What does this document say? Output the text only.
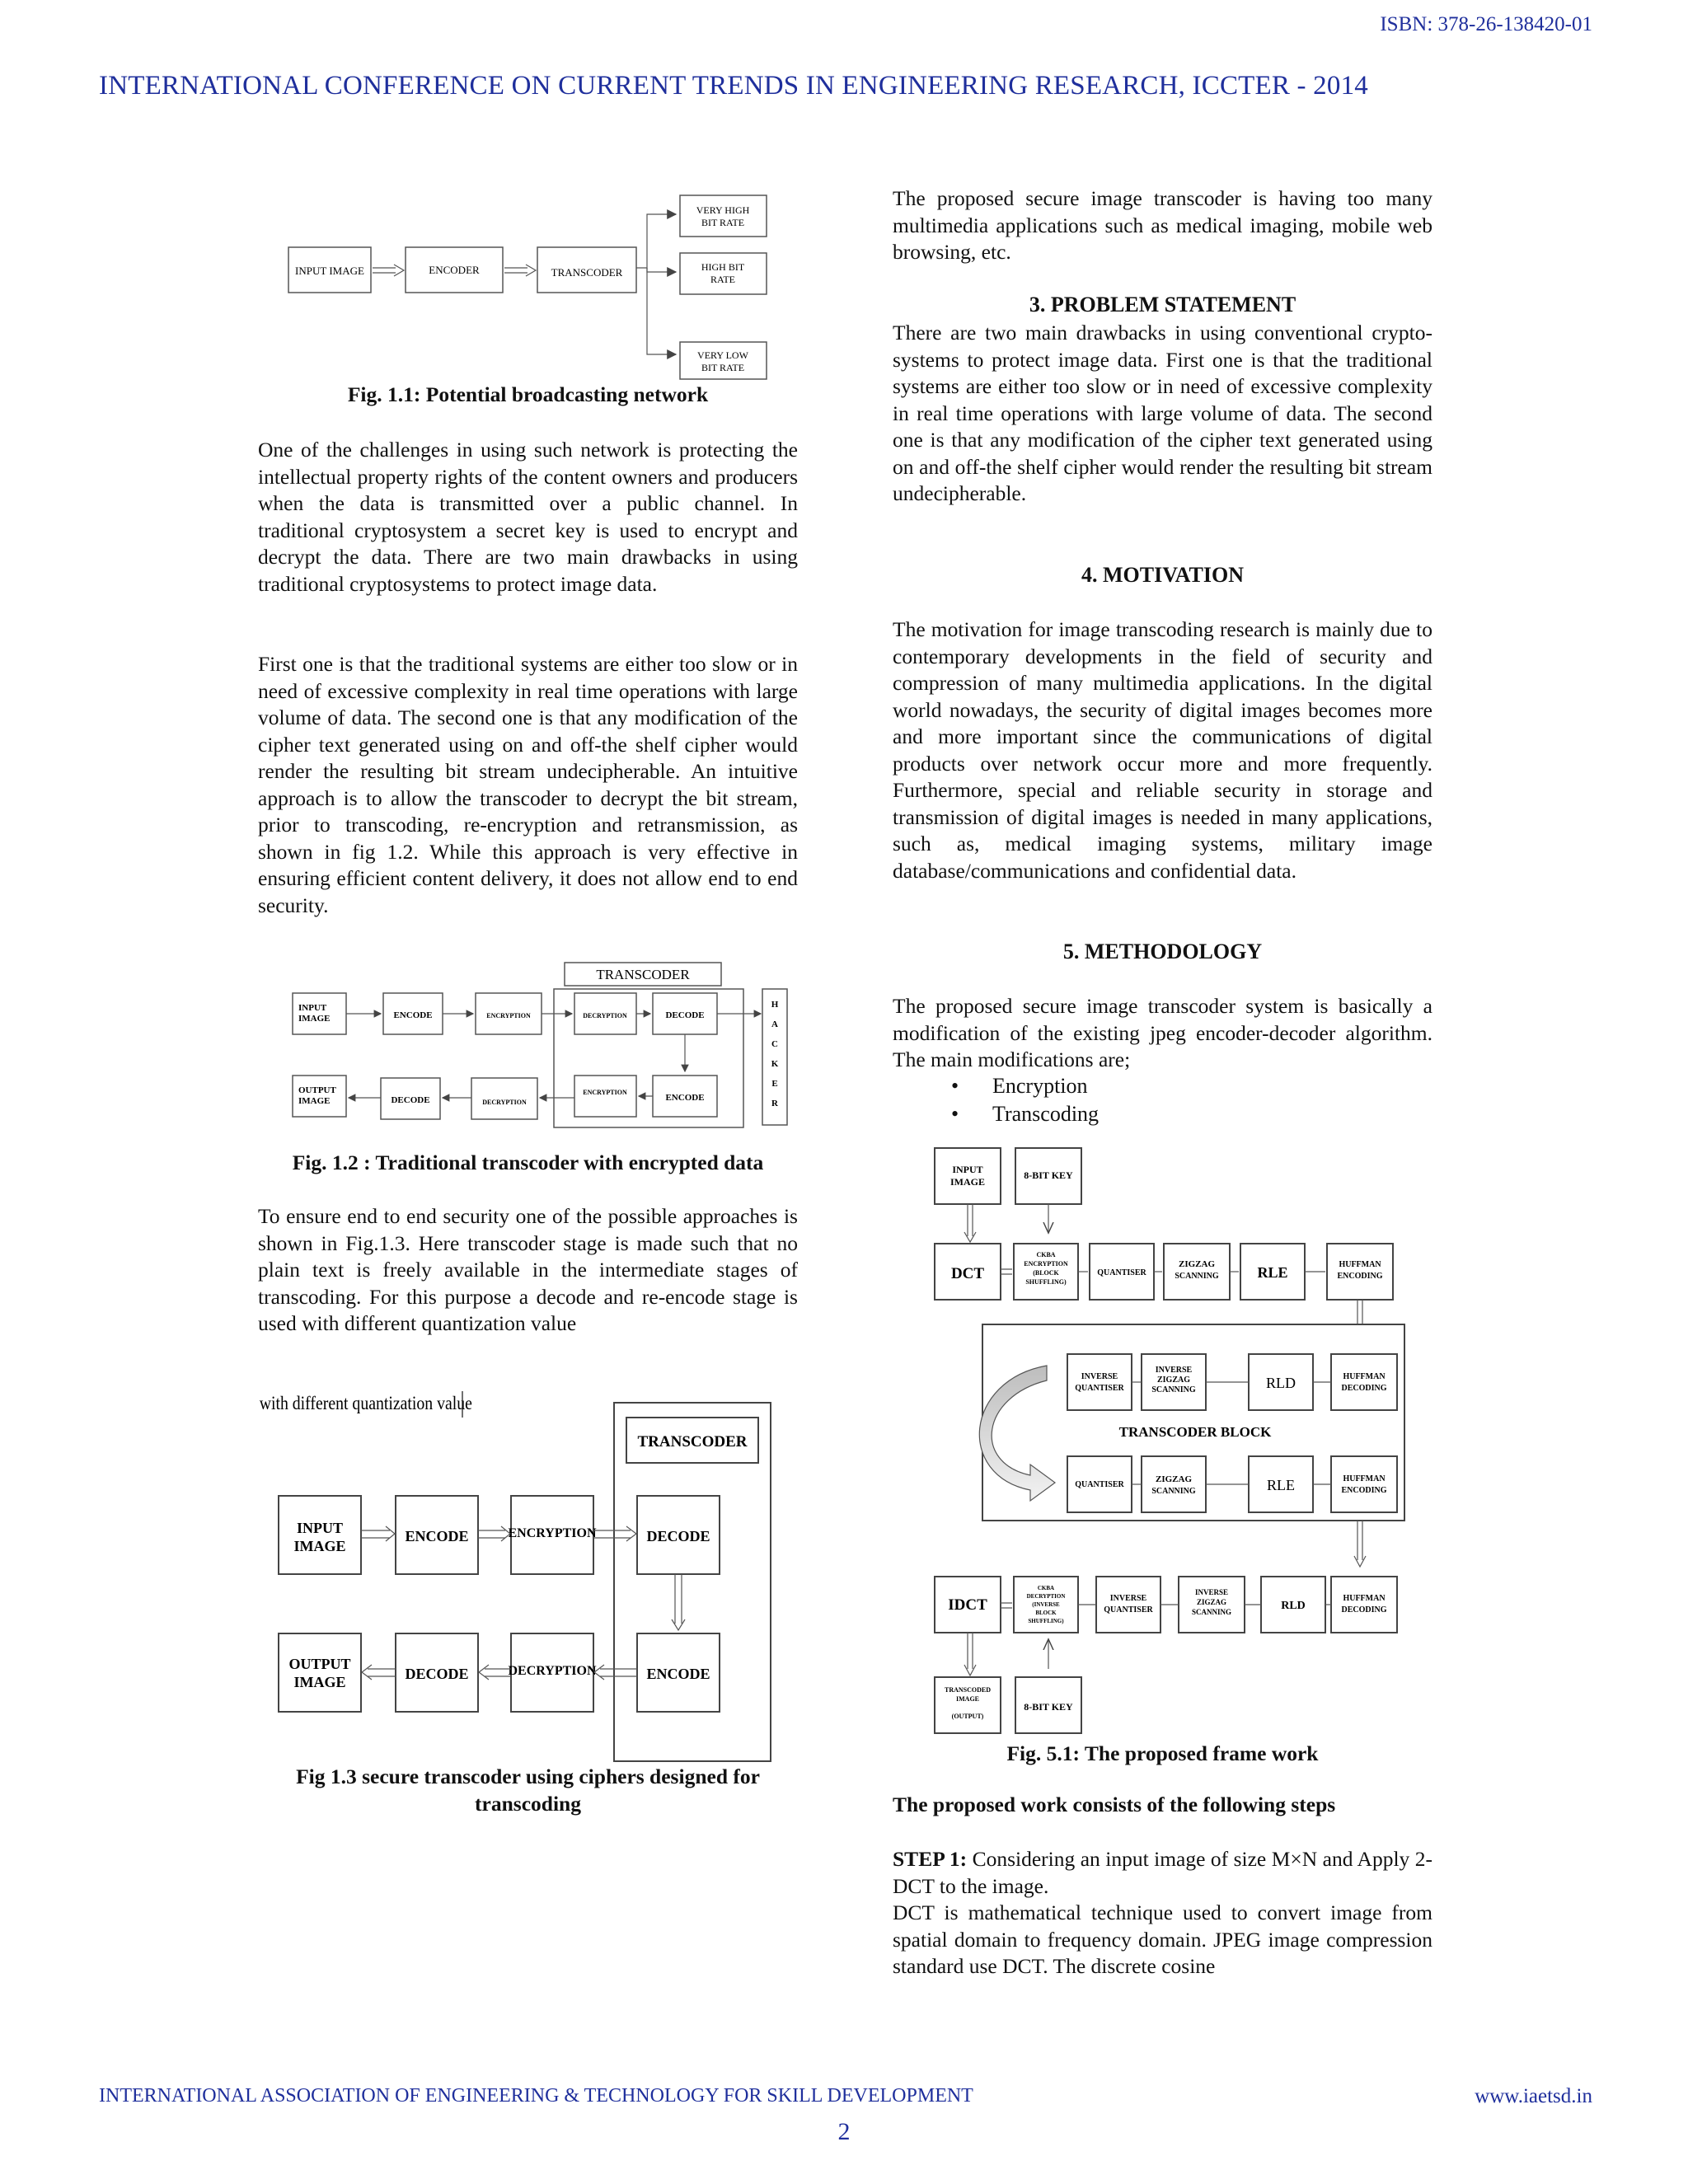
ISBN: 378-26-138420-01
INTERNATIONAL CONFERENCE ON CURRENT TRENDS IN ENGINEERING RESEARCH, ICCTER - 2014
INPUT IMAGE	ENCODER	TRANSCODER
VERY HIGH
BIT RATE
HIGH BIT
RATE
VERY LOW
BIT RATE
Fig. 1.1: Potential broadcasting network

One of the challenges in using such network is protecting the intellectual property rights of the content owners and producers when the data is transmitted over a public channel. In traditional cryptosystem a secret key is used to encrypt and decrypt the data. There are two main drawbacks in using traditional cryptosystems to protect image data.

First one is that the traditional systems are either too slow or in need of excessive complexity in real time operations with large volume of data. The second one is that any modification of the cipher text generated using on and off-the shelf cipher would render the resulting bit stream undecipherable. An intuitive approach is to allow the transcoder to decrypt the bit stream, prior to transcoding, re-encryption and retransmission, as shown in fig 1.2. While this approach is very effective in ensuring efficient content delivery, it does not allow end to end security.

TRANSCODER
INPUT
IMAGE	ENCODE	ENCRYPTION	DECRYPTION	DECODE
H
A
C
K
E
R
OUTPUT
IMAGE	DECODE	DECRYPTION
ENCRYPTION
ENCODE
Fig. 1.2 : Traditional transcoder with encrypted data

To ensure end to end security one of the possible approaches is shown in Fig.1.3. Here transcoder stage is made such that no plain text is freely available in the intermediate stages of transcoding. For this purpose a decode and re-encode stage is used with different quantization value

with different quantization value
TRANSCODER
INPUT
IMAGE
ENCODE	ENCRYPTION	DECODE
OUTPUT
IMAGE	DECODE	DECRYPTION	ENCODE
Fig 1.3 secure transcoder using ciphers designed for
transcoding

The proposed secure image transcoder is having too many multimedia applications such as medical imaging, mobile web browsing, etc.

3. PROBLEM STATEMENT

There are two main drawbacks in using conventional crypto-systems to protect image data. First one is that the traditional systems are either too slow or in need of excessive complexity in real time operations with large volume of data. The second one is that any modification of the cipher text generated using on and off-the shelf cipher would render the resulting bit stream undecipherable.

4. MOTIVATION

The motivation for image transcoding research is mainly due to contemporary developments in the field of security and compression of many multimedia applications. In the digital world nowadays, the security of digital images becomes more and more important since the communications of digital products over network occur more and more frequently. Furthermore, special and reliable security in storage and transmission of digital images is needed in many applications, such as, medical imaging systems, military image database/communications and confidential data.

5. METHODOLOGY

The proposed secure image transcoder system is basically a modification of the existing jpeg encoder-decoder algorithm. The main modifications are;

• Encryption
• Transcoding
INPUT
IMAGE
8-BIT KEY
DCT
CKBA
ENCRYPTION
(BLOCK
SHUFFLING)
QUANTISER
ZIGZAG
SCANNING	RLE	HUFFMAN
ENCODING
INVERSE
QUANTISER
INVERSE
ZIGZAG
SCANNING	RLD	HUFFMAN
DECODING
TRANSCODER BLOCK
QUANTISER
ZIGZAG
SCANNING	RLE	HUFFMAN
ENCODING
IDCT
CKBA
DECRYPTION
(INVERSE
BLOCK
SHUFFLING)
INVERSE
QUANTISER
INVERSE
ZIGZAG
SCANNING	RLD
HUFFMAN
DECODING
TRANSCODED
IMAGE
(OUTPUT)
8-BIT KEY
Fig. 5.1: The proposed frame work
The proposed work consists of the following steps

STEP 1: Considering an input image of size M×N and Apply 2-DCT to the image.

DCT is mathematical technique used to convert image from spatial domain to frequency domain. JPEG image compression standard use DCT. The discrete cosine

INTERNATIONAL ASSOCIATION OF ENGINEERING & TECHNOLOGY FOR SKILL DEVELOPMENT	www.iaetsd.in
2
